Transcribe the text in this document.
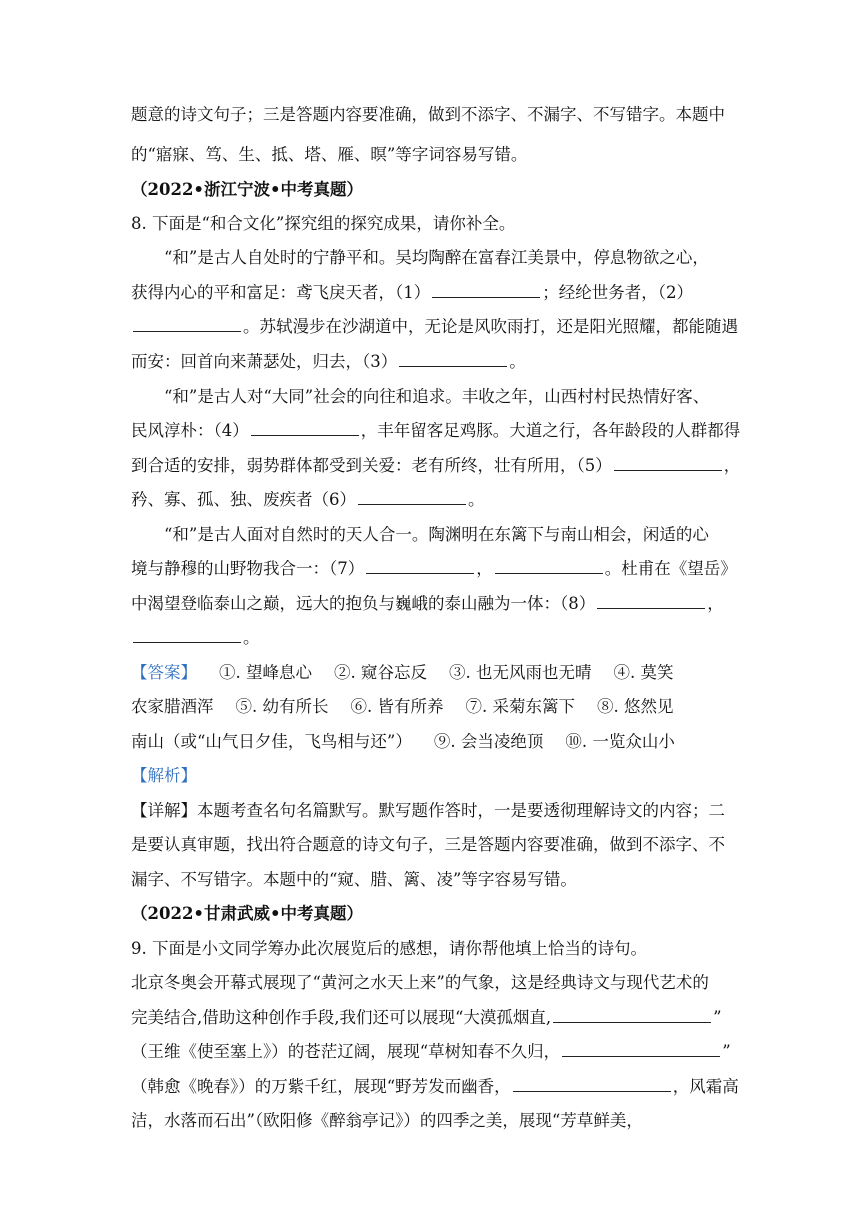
题意的诗文句子；三是答题内容要准确，做到不添字、不漏字、不写错字。本题中
的“寤寐、笃、生、抵、塔、雁、暝”等字词容易写错。
（2022•浙江宁波•中考真题）
8. 下面是“和合文化”探究组的探究成果，请你补全。
“和”是古人自处时的宁静平和。吴均陶醉在富春江美景中，停息物欲之心，
获得内心的平和富足：鸢飞戾天者，（1）	；经纶世务者，（2）
。苏轼漫步在沙湖道中，无论是风吹雨打，还是阳光照耀，都能随遇
而安：回首向来萧瑟处，归去，（3）	。
“和”是古人对“大同”社会的向往和追求。丰收之年，山西村村民热情好客、
民风淳朴：（4）	，丰年留客足鸡豚。大道之行，各年龄段的人群都得
到合适的安排，弱势群体都受到关爱：老有所终，壮有所用，（5）	，
矜、寡、孤、独、废疾者（6）	。
“和”是古人面对自然时的天人合一。陶渊明在东篱下与南山相会，闲适的心
境与静穆的山野物我合一：（7）	，	。杜甫在《望岳》
中渴望登临泰山之巅，远大的抱负与巍峨的泰山融为一体：（8）	，
。
【答案】 ①. 望峰息心 ②. 窥谷忘反 ③. 也无风雨也无晴 ④. 莫笑
农家腊酒浑 ⑤. 幼有所长 ⑥. 皆有所养 ⑦. 采菊东篱下 ⑧. 悠然见
南山（或“山气日夕佳，飞鸟相与还”） ⑨. 会当凌绝顶 ⑩. 一览众山小
【解析】
【详解】本题考查名句名篇默写。默写题作答时，一是要透彻理解诗文的内容；二
是要认真审题，找出符合题意的诗文句子，三是答题内容要准确，做到不添字、不
漏字、不写错字。本题中的“窥、腊、篱、凌”等字容易写错。
（2022•甘肃武威•中考真题）
9. 下面是小文同学筹办此次展览后的感想，请你帮他填上恰当的诗句。
北京冬奥会开幕式展现了“黄河之水天上来”的气象，这是经典诗文与现代艺术的
完美结合,借助这种创作手段,我们还可以展现“大漠孤烟直,	”
（王维《使至塞上》）的苍茫辽阔，展现“草树知春不久归，	”
（韩愈《晚春》）的万紫千红，展现“野芳发而幽香，	，风霜高
洁，水落而石出”（欧阳修《醉翁亭记》）的四季之美，展现“芳草鲜美，
